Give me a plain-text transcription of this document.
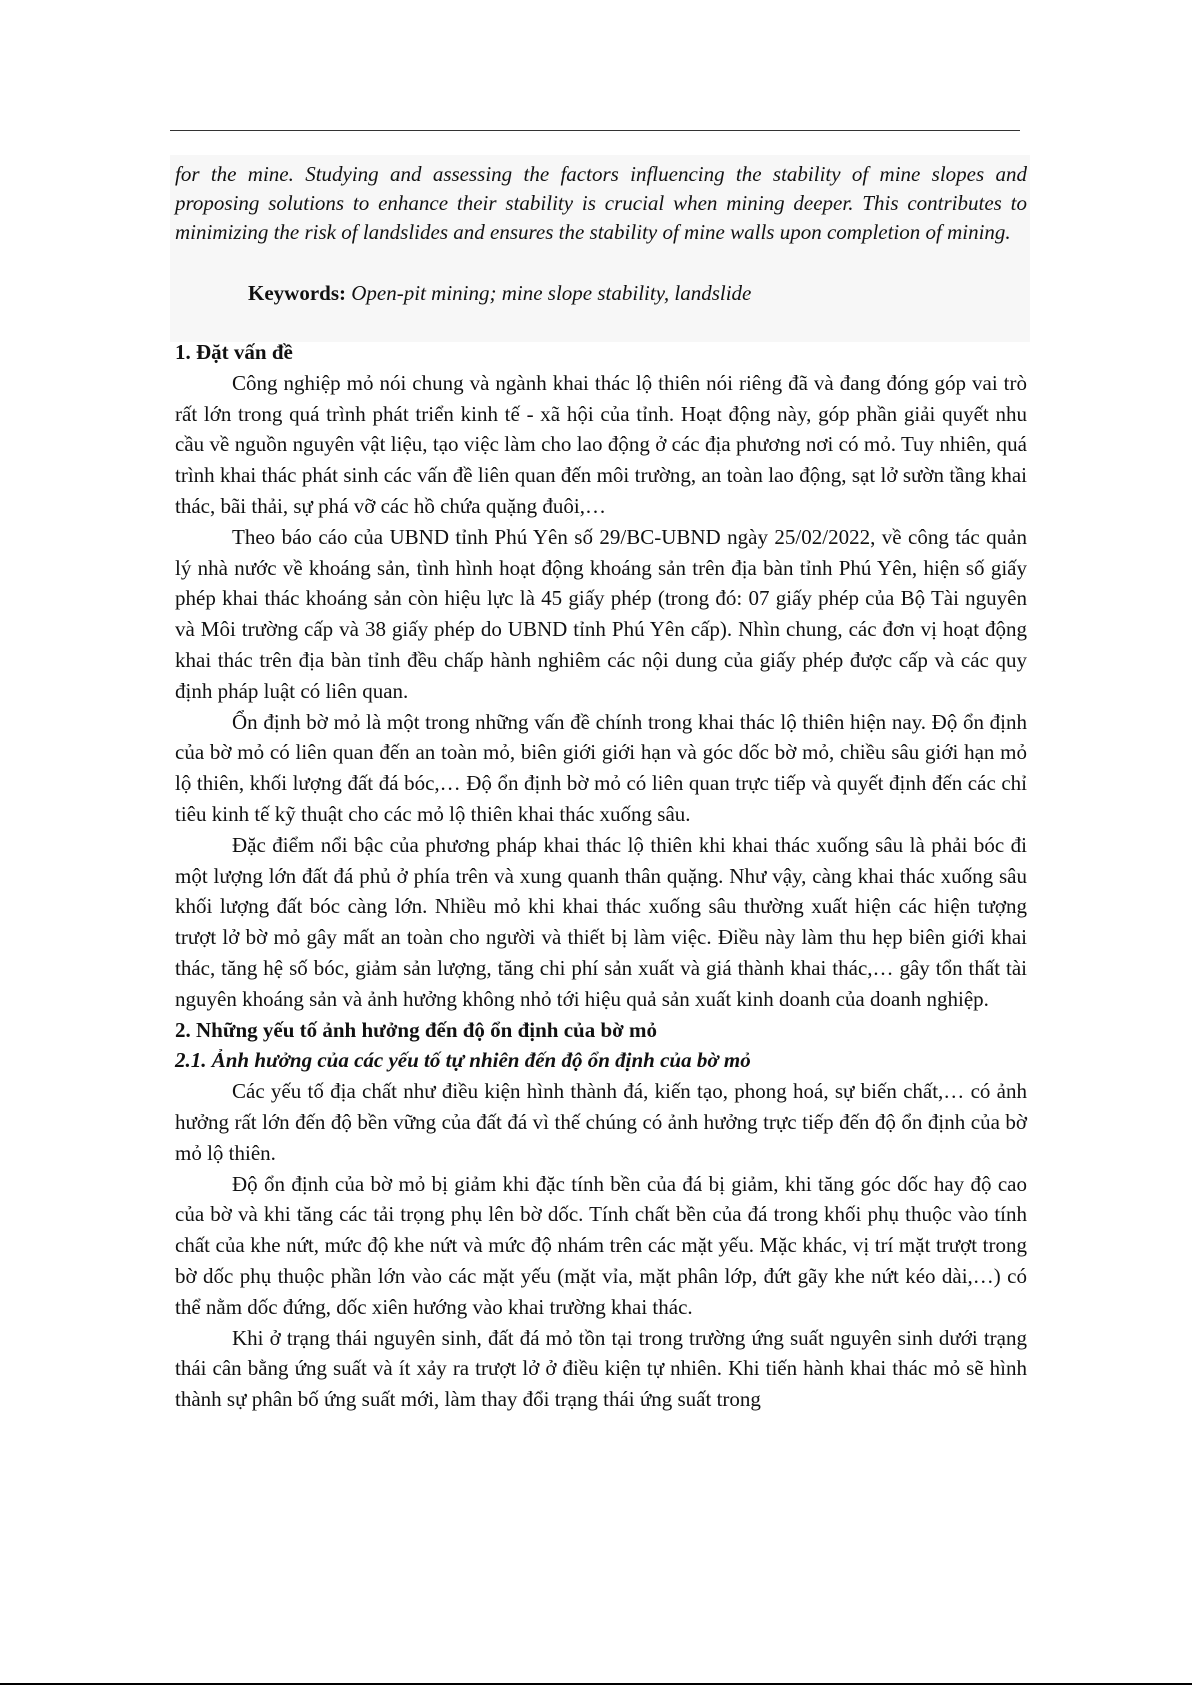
for the mine. Studying and assessing the factors influencing the stability of mine slopes and proposing solutions to enhance their stability is crucial when mining deeper. This contributes to minimizing the risk of landslides and ensures the stability of mine walls upon completion of mining.

Keywords: Open-pit mining; mine slope stability, landslide

1. Đặt vấn đề

Công nghiệp mỏ nói chung và ngành khai thác lộ thiên nói riêng đã và đang đóng góp vai trò rất lớn trong quá trình phát triển kinh tế - xã hội của tỉnh. Hoạt động này, góp phần giải quyết nhu cầu về nguồn nguyên vật liệu, tạo việc làm cho lao động ở các địa phương nơi có mỏ. Tuy nhiên, quá trình khai thác phát sinh các vấn đề liên quan đến môi trường, an toàn lao động, sạt lở sườn tầng khai thác, bãi thải, sự phá vỡ các hồ chứa quặng đuôi,…

Theo báo cáo của UBND tỉnh Phú Yên số 29/BC-UBND ngày 25/02/2022, về công tác quản lý nhà nước về khoáng sản, tình hình hoạt động khoáng sản trên địa bàn tỉnh Phú Yên, hiện số giấy phép khai thác khoáng sản còn hiệu lực là 45 giấy phép (trong đó: 07 giấy phép của Bộ Tài nguyên và Môi trường cấp và 38 giấy phép do UBND tỉnh Phú Yên cấp). Nhìn chung, các đơn vị hoạt động khai thác trên địa bàn tỉnh đều chấp hành nghiêm các nội dung của giấy phép được cấp và các quy định pháp luật có liên quan.

Ổn định bờ mỏ là một trong những vấn đề chính trong khai thác lộ thiên hiện nay. Độ ổn định của bờ mỏ có liên quan đến an toàn mỏ, biên giới giới hạn và góc dốc bờ mỏ, chiều sâu giới hạn mỏ lộ thiên, khối lượng đất đá bóc,… Độ ổn định bờ mỏ có liên quan trực tiếp và quyết định đến các chỉ tiêu kinh tế kỹ thuật cho các mỏ lộ thiên khai thác xuống sâu.

Đặc điểm nổi bậc của phương pháp khai thác lộ thiên khi khai thác xuống sâu là phải bóc đi một lượng lớn đất đá phủ ở phía trên và xung quanh thân quặng. Như vậy, càng khai thác xuống sâu khối lượng đất bóc càng lớn. Nhiều mỏ khi khai thác xuống sâu thường xuất hiện các hiện tượng trượt lở bờ mỏ gây mất an toàn cho người và thiết bị làm việc. Điều này làm thu hẹp biên giới khai thác, tăng hệ số bóc, giảm sản lượng, tăng chi phí sản xuất và giá thành khai thác,… gây tổn thất tài nguyên khoáng sản và ảnh hưởng không nhỏ tới hiệu quả sản xuất kinh doanh của doanh nghiệp.

2. Những yếu tố ảnh hưởng đến độ ổn định của bờ mỏ
2.1. Ảnh hưởng của các yếu tố tự nhiên đến độ ổn định của bờ mỏ

Các yếu tố địa chất như điều kiện hình thành đá, kiến tạo, phong hoá, sự biến chất,… có ảnh hưởng rất lớn đến độ bền vững của đất đá vì thế chúng có ảnh hưởng trực tiếp đến độ ổn định của bờ mỏ lộ thiên.

Độ ổn định của bờ mỏ bị giảm khi đặc tính bền của đá bị giảm, khi tăng góc dốc hay độ cao của bờ và khi tăng các tải trọng phụ lên bờ dốc. Tính chất bền của đá trong khối phụ thuộc vào tính chất của khe nứt, mức độ khe nứt và mức độ nhám trên các mặt yếu. Mặc khác, vị trí mặt trượt trong bờ dốc phụ thuộc phần lớn vào các mặt yếu (mặt vỉa, mặt phân lớp, đứt gãy khe nứt kéo dài,…) có thể nằm dốc đứng, dốc xiên hướng vào khai trường khai thác.

Khi ở trạng thái nguyên sinh, đất đá mỏ tồn tại trong trường ứng suất nguyên sinh dưới trạng thái cân bằng ứng suất và ít xảy ra trượt lở ở điều kiện tự nhiên. Khi tiến hành khai thác mỏ sẽ hình thành sự phân bố ứng suất mới, làm thay đổi trạng thái ứng suất trong
